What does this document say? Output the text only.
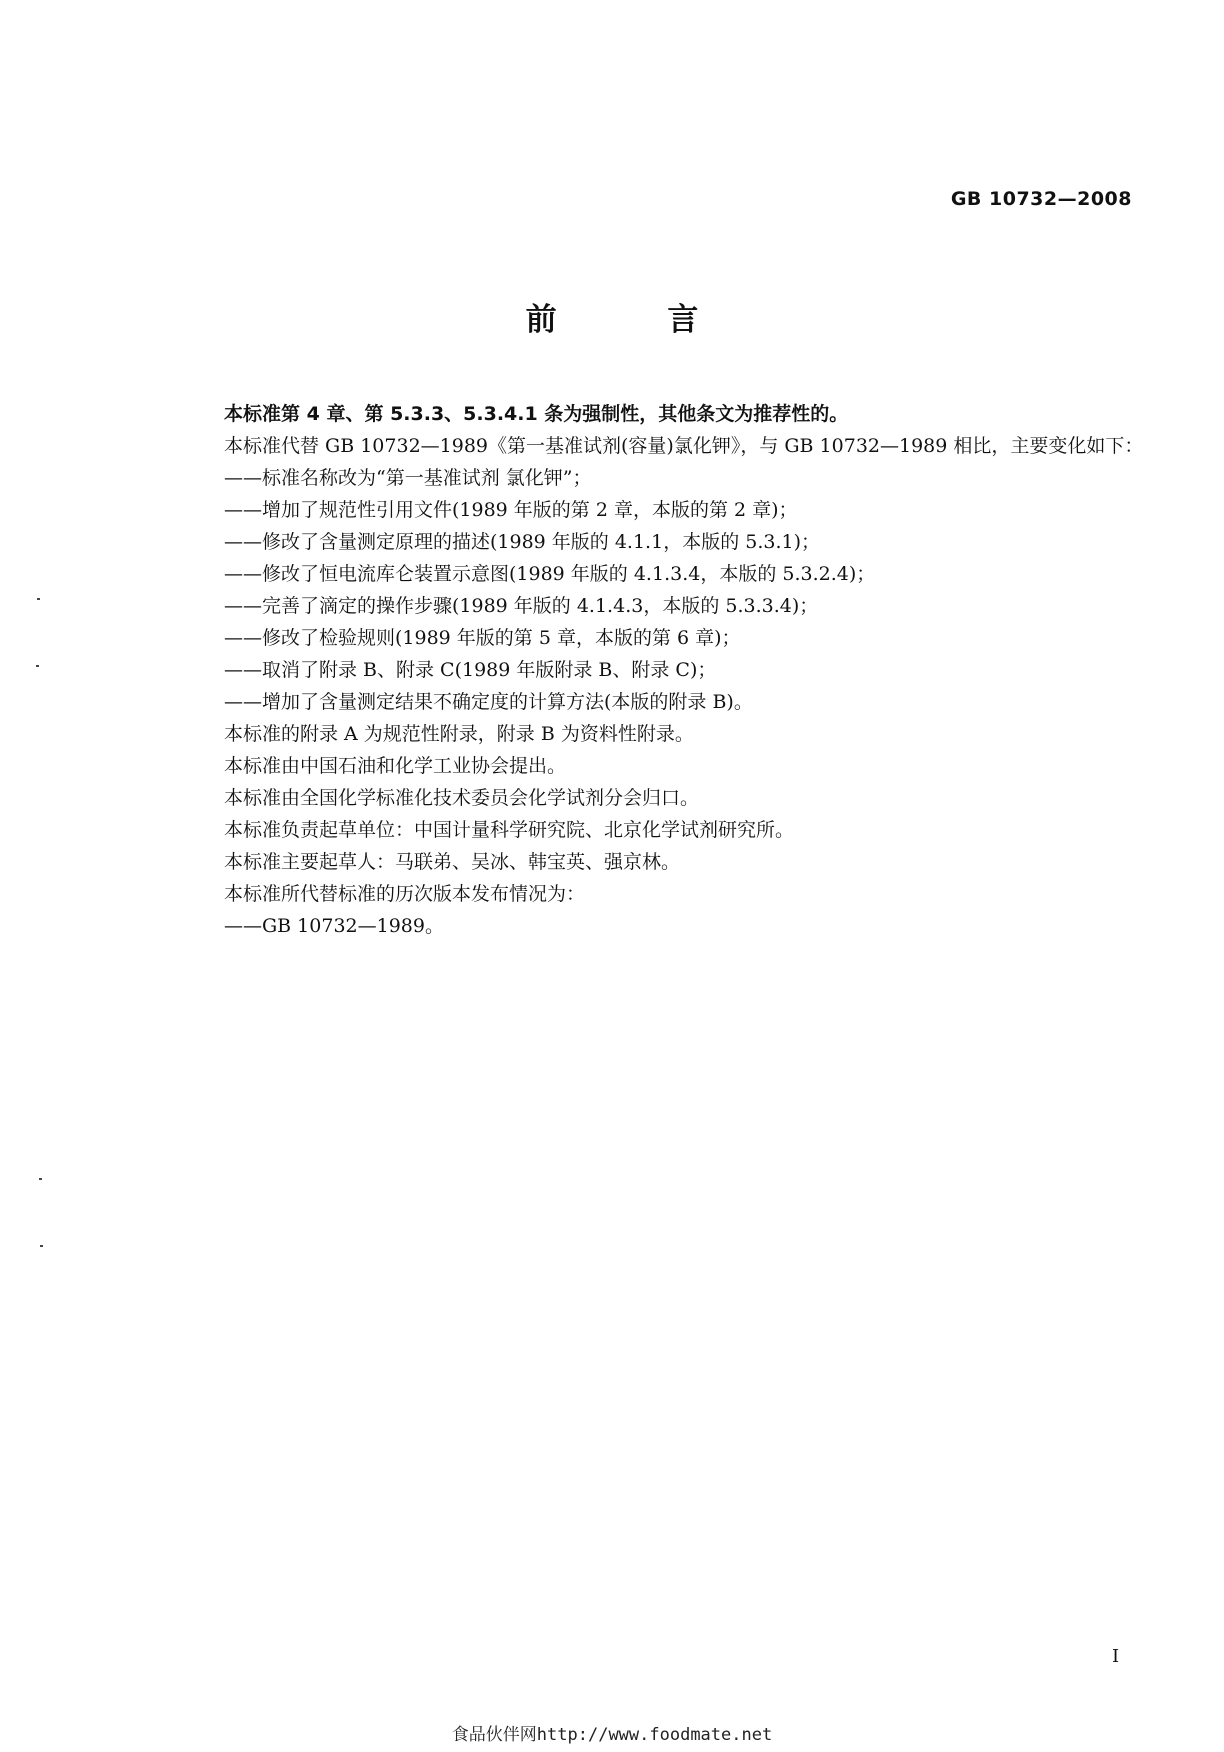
GB 10732—2008
前 言

本标准第 4 章、第 5.3.3、5.3.4.1 条为强制性，其他条文为推荐性的。

本标准代替 GB 10732—1989《第一基准试剂(容量)氯化钾》，与 GB 10732—1989 相比，主要变化如下：

——标准名称改为“第一基准试剂 氯化钾”；

——增加了规范性引用文件(1989 年版的第 2 章，本版的第 2 章)；

——修改了含量测定原理的描述(1989 年版的 4.1.1，本版的 5.3.1)；

——修改了恒电流库仑装置示意图(1989 年版的 4.1.3.4，本版的 5.3.2.4)；

——完善了滴定的操作步骤(1989 年版的 4.1.4.3，本版的 5.3.3.4)；

——修改了检验规则(1989 年版的第 5 章，本版的第 6 章)；

——取消了附录 B、附录 C(1989 年版附录 B、附录 C)；

——增加了含量测定结果不确定度的计算方法(本版的附录 B)。

本标准的附录 A 为规范性附录，附录 B 为资料性附录。

本标准由中国石油和化学工业协会提出。

本标准由全国化学标准化技术委员会化学试剂分会归口。

本标准负责起草单位：中国计量科学研究院、北京化学试剂研究所。

本标准主要起草人：马联弟、吴冰、韩宝英、强京林。

本标准所代替标准的历次版本发布情况为：

——GB 10732—1989。

I
食品伙伴网http://www.foodmate.net
